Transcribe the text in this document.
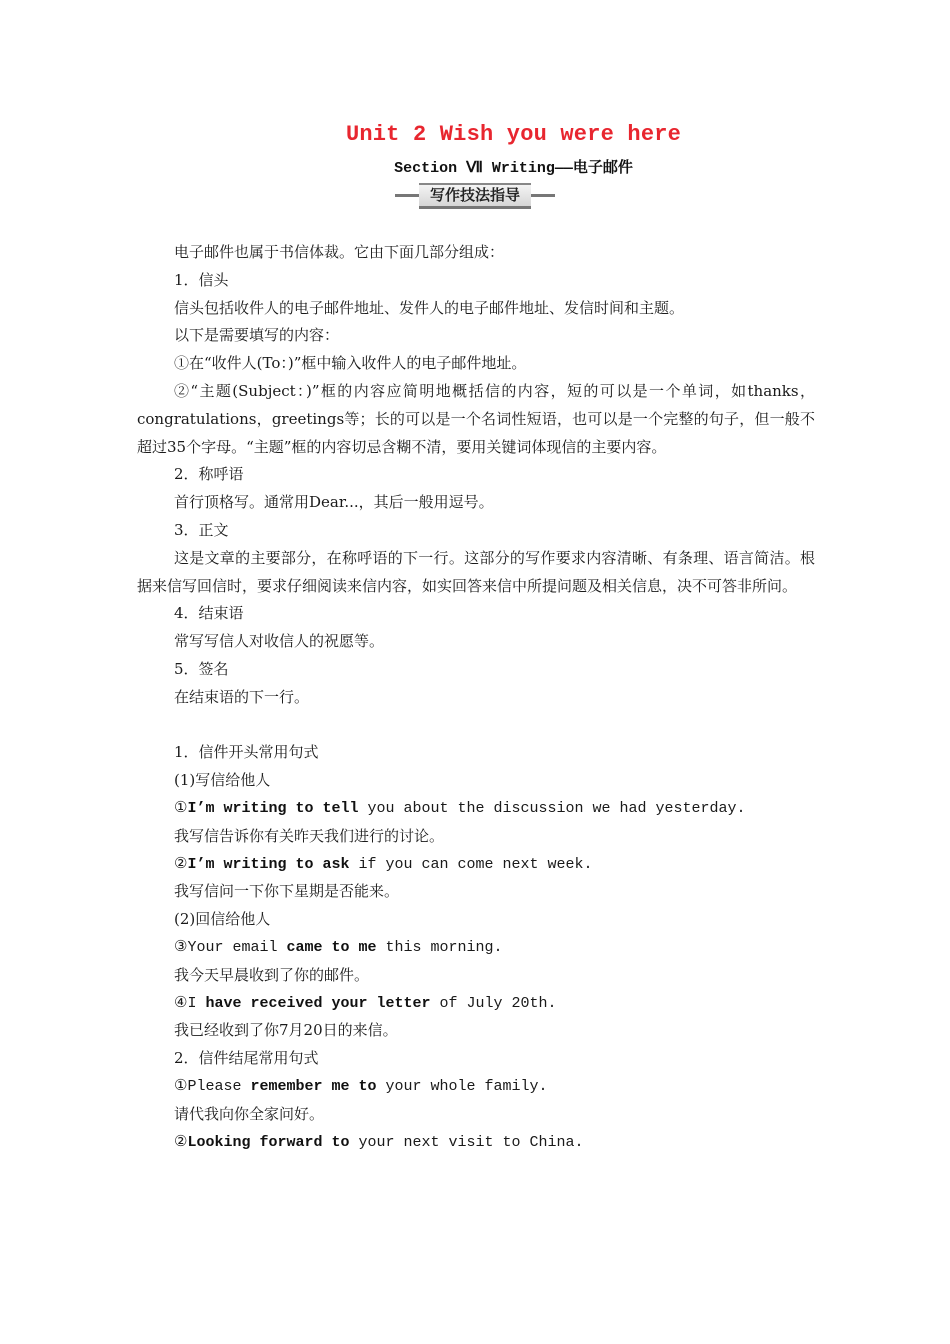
Unit 2 Wish you were here
Section Ⅶ Writing——电子邮件
写作技法指导

电子邮件也属于书信体裁。它由下面几部分组成：

1．信头

信头包括收件人的电子邮件地址、发件人的电子邮件地址、发信时间和主题。

以下是需要填写的内容：

①在“收件人(To：)”框中输入收件人的电子邮件地址。

②“主题(Subject：)”框的内容应简明地概括信的内容，短的可以是一个单词，如thanks，congratulations，greetings等；长的可以是一个名词性短语，也可以是一个完整的句子，但一般不超过35个字母。“主题”框的内容切忌含糊不清，要用关键词体现信的主要内容。

2．称呼语

首行顶格写。通常用Dear...，其后一般用逗号。

3．正文

这是文章的主要部分，在称呼语的下一行。这部分的写作要求内容清晰、有条理、语言简洁。根据来信写回信时，要求仔细阅读来信内容，如实回答来信中所提问题及相关信息，决不可答非所问。

4．结束语

常写写信人对收信人的祝愿等。

5．签名

在结束语的下一行。

1．信件开头常用句式

(1)写信给他人

①I’m writing to tell you about the discussion we had yesterday.

我写信告诉你有关昨天我们进行的讨论。

②I’m writing to ask if you can come next week.

我写信问一下你下星期是否能来。

(2)回信给他人

③Your email came to me this morning.

我今天早晨收到了你的邮件。

④I have received your letter of July 20th.

我已经收到了你7月20日的来信。

2．信件结尾常用句式

①Please remember me to your whole family.

请代我向你全家问好。

②Looking forward to your next visit to China.
